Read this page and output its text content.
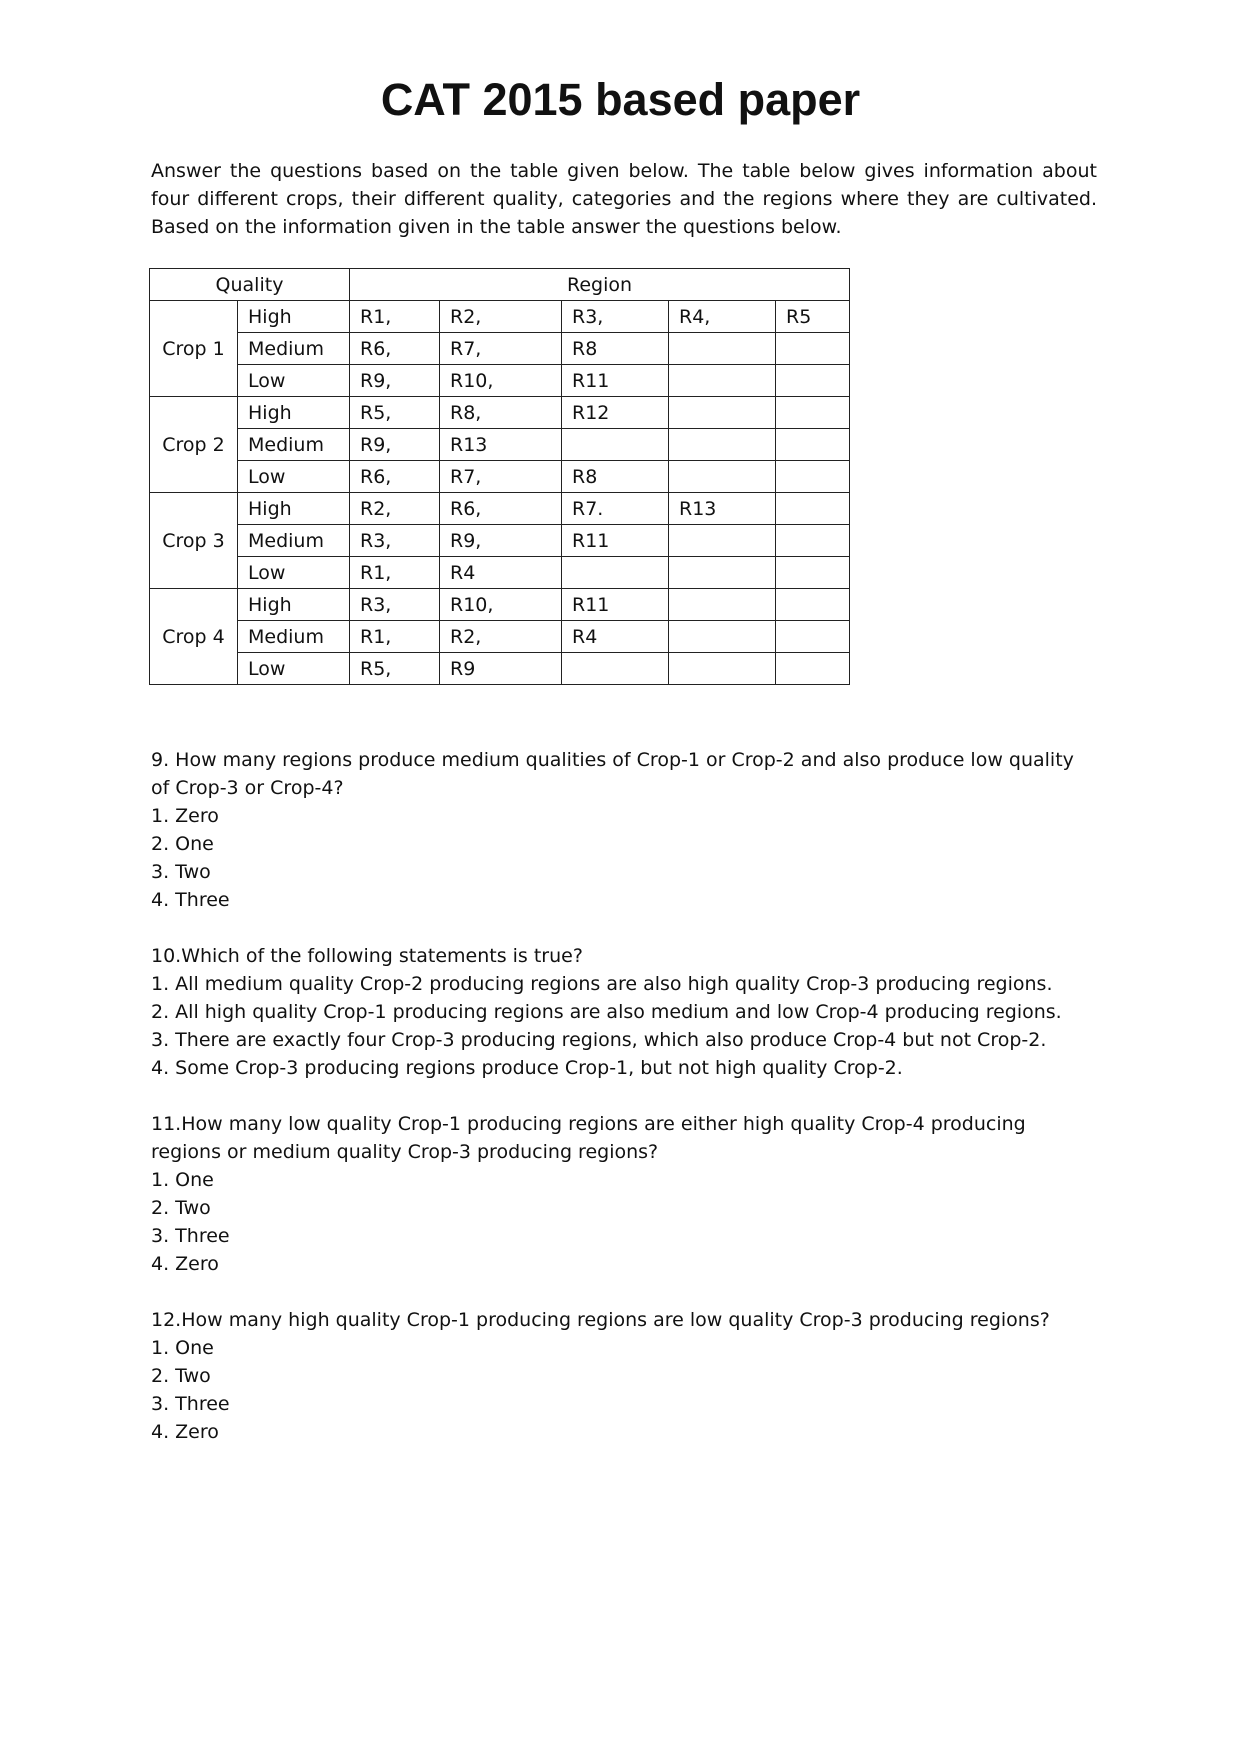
CAT 2015 based paper

Answer the questions based on the table given below. The table below gives information about four different crops, their different quality, categories and the regions where they are cultivated. Based on the information given in the table answer the questions below.

Quality		Region				
Crop 1	High	R1,	R2,	R3,	R4,	R5
	Medium	R6,	R7,	R8		
	Low	R9,	R10,	R11		
Crop 2	High	R5,	R8,	R12		
	Medium	R9,	R13			
	Low	R6,	R7,	R8		
Crop 3	High	R2,	R6,	R7.	R13	
	Medium	R3,	R9,	R11		
	Low	R1,	R4			
Crop 4	High	R3,	R10,	R11		
	Medium	R1,	R2,	R4		
	Low	R5,	R9			

9. How many regions produce medium qualities of Crop-1 or Crop-2 and also produce low quality of Crop-3 or Crop-4?

1. Zero

2. One

3. Two

4. Three

10.Which of the following statements is true?

1. All medium quality Crop-2 producing regions are also high quality Crop-3 producing regions.

2. All high quality Crop-1 producing regions are also medium and low Crop-4 producing regions.

3. There are exactly four Crop-3 producing regions, which also produce Crop-4 but not Crop-2.

4. Some Crop-3 producing regions produce Crop-1, but not high quality Crop-2.

11.How many low quality Crop-1 producing regions are either high quality Crop-4 producing regions or medium quality Crop-3 producing regions?

1. One

2. Two

3. Three

4. Zero

12.How many high quality Crop-1 producing regions are low quality Crop-3 producing regions?

1. One

2. Two

3. Three

4. Zero
